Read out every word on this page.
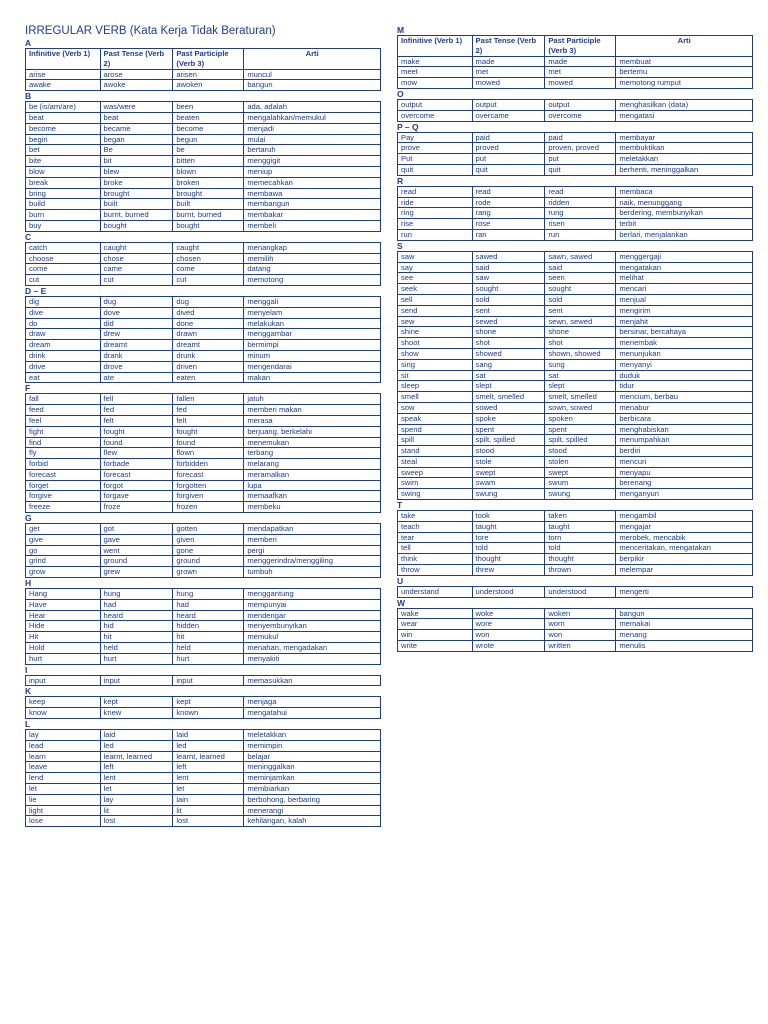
IRREGULAR VERB (Kata Kerja Tidak Beraturan)
A
Infinitive (Verb 1)	Past Tense (Verb 2)	Past Participle (Verb 3)	Arti
arise	arose	arisen	muncul
awake	awoke	awoken	bangun
B
be (is/am/are)	was/were	been	ada, adalah
beat	beat	beaten	mengalahkan/memukul
become	became	become	menjadi
begin	began	begun	mulai
bet	Be	be	bertaruh
bite	bit	bitten	menggigit
blow	blew	blown	meniup
break	broke	broken	memecahkan
bring	brought	brought	membawa
build	built	built	membangun
burn	burnt, burned	burnt, burned	membakar
buy	bought	bought	membeli
C
catch	caught	caught	menangkap
choose	chose	chosen	memilih
come	came	come	datang
cut	cut	cut	memotong
D – E
dig	dug	dug	menggali
dive	dove	dived	menyelam
do	did	done	melakukan
draw	drew	drawn	menggambar
dream	dreamt	dreamt	bermimpi
drink	drank	drunk	minum
drive	drove	driven	mengendarai
eat	ate	eaten	makan
F
fall	fell	fallen	jatuh
feed	fed	fed	memberi makan
feel	felt	felt	merasa
fight	fought	fought	berjuang, berkelahi
find	found	found	menemukan
fly	flew	flown	terbang
forbid	forbade	forbidden	melarang
forecast	forecast	forecast	meramalkan
forget	forgot	forgotten	lupa
forgive	forgave	forgiven	memaafkan
freeze	froze	frozen	membeku
G
get	got	gotten	mendapatkan
give	gave	given	memberi
go	went	gone	pergi
grind	ground	ground	menggerindra/menggiling
grow	grew	grown	tumbuh
H
Hang	hung	hung	menggantung
Have	had	had	mempunyai
Hear	heard	heard	mendengar
Hide	hid	hidden	menyembunyikan
Hit	hit	hit	memukul
Hold	held	held	menahan, mengadakan
hurt	hurt	hurt	menyakiti
I
input	input	input	memasukkan
K
keep	kept	kept	menjaga
know	knew	known	mengatahui
L
lay	laid	laid	meletakkan
lead	led	led	memimpin
learn	learnt, learned	learnt, learned	belajar
leave	left	left	meninggalkan
lend	lent	lent	meminjamkan
let	let	let	membiarkan
lie	lay	lain	berbohong, berbaring
light	lit	lit	menerangi
lose	lost	lost	kehilangan, kalah
M
Infinitive (Verb 1)	Past Tense (Verb 2)	Past Participle (Verb 3)	Arti
make	made	made	membuat
meet	met	met	bertemu
mow	mowed	mowed	memotong rumput
O
output	output	output	menghasilkan (data)
overcome	overcame	overcome	mengatasi
P – Q
Pay	paid	paid	membayar
prove	proved	proven, proved	membuktikan
Put	put	put	meletakkan
quit	quit	quit	berhenti, meninggalkan
R
read	read	read	membaca
ride	rode	ridden	naik, menunggang
ring	rang	rung	berdering, membunyikan
rise	rose	risen	terbit
run	ran	run	berlari, menjalankan
S
saw	sawed	sawn, sawed	menggergaji
say	said	said	mengatakan
see	saw	seen	melihat
seek	sought	sought	mencari
sell	sold	sold	menjual
send	sent	sent	mengirim
sew	sewed	sewn, sewed	menjahit
shine	shone	shone	bersinar, bercahaya
shoot	shot	shot	menembak
show	showed	shown, showed	menunjukan
sing	sang	sung	menyanyi
sit	sat	sat	duduk
sleep	slept	slept	tidur
smell	smelt, smelled	smelt, smelled	mencium, berbau
sow	sowed	sown, sowed	menabur
speak	spoke	spoken	berbicara
spend	spent	spent	menghabiskan
spill	spilt, spilled	spilt, spilled	menumpahkan
stand	stood	stood	berdiri
steal	stole	stolen	mencuri
sweep	swept	swept	menyapu
swim	swam	swum	berenang
swing	swung	swung	menganyun
T
take	took	taken	mengambil
teach	taught	taught	mengajar
tear	tore	torn	merobek, mencabik
tell	told	told	menceritakan, mengatakan
think	thought	thought	berpikir
throw	threw	thrown	melempar
U
understand	understood	understood	mengerti
W
wake	woke	woken	bangun
wear	wore	worn	memakai
win	won	won	menang
write	wrote	written	menulis
